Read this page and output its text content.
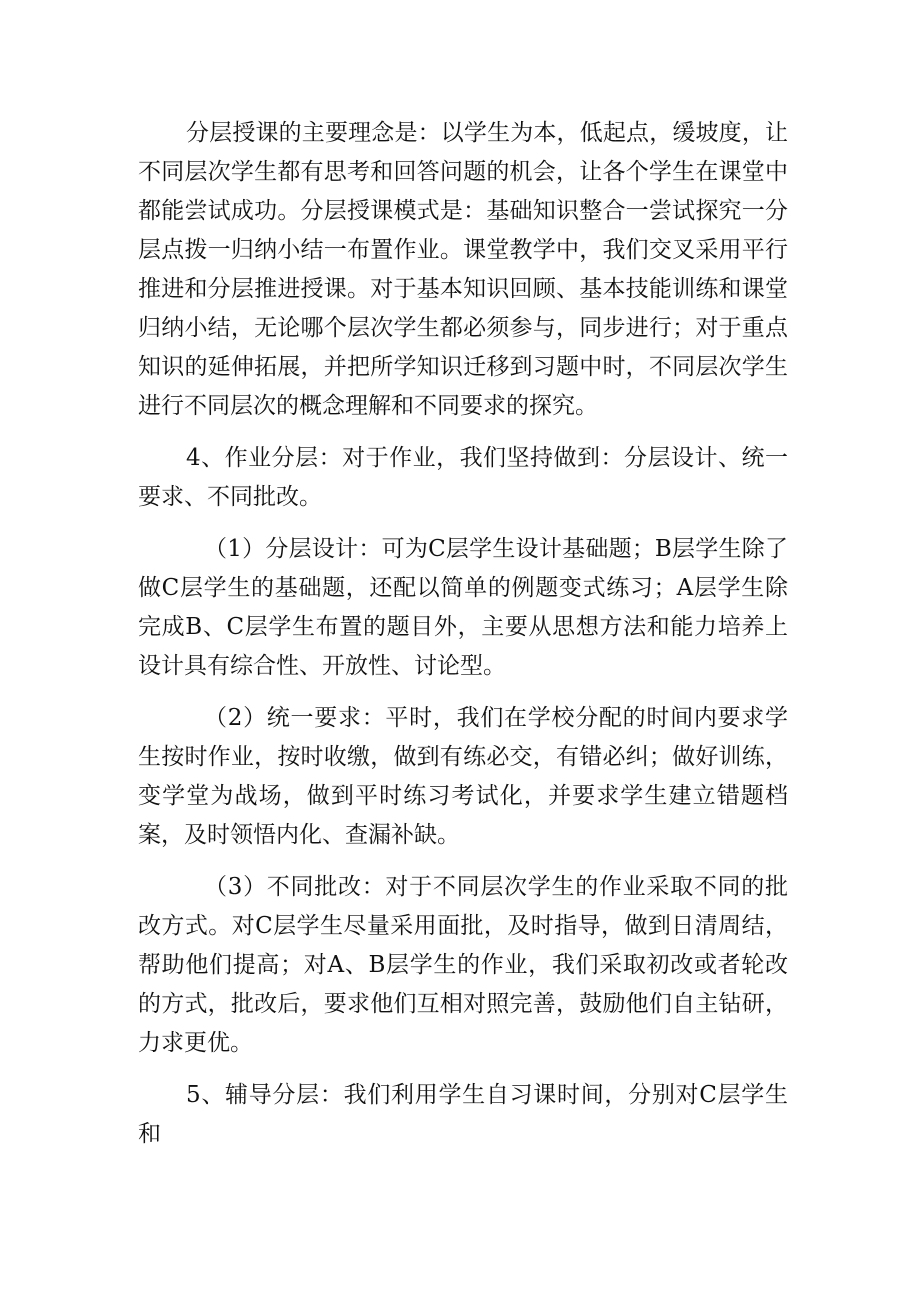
分层授课的主要理念是：以学生为本，低起点，缓坡度，让不同层次学生都有思考和回答问题的机会，让各个学生在课堂中都能尝试成功。分层授课模式是：基础知识整合一尝试探究一分层点拨一归纳小结一布置作业。课堂教学中，我们交叉采用平行推进和分层推进授课。对于基本知识回顾、基本技能训练和课堂归纳小结，无论哪个层次学生都必须参与，同步进行；对于重点知识的延伸拓展，并把所学知识迁移到习题中时，不同层次学生进行不同层次的概念理解和不同要求的探究。

4、作业分层：对于作业，我们坚持做到：分层设计、统一要求、不同批改。

（1）分层设计：可为C层学生设计基础题；B层学生除了做C层学生的基础题，还配以简单的例题变式练习；A层学生除完成B、C层学生布置的题目外，主要从思想方法和能力培养上设计具有综合性、开放性、讨论型。

（2）统一要求：平时，我们在学校分配的时间内要求学生按时作业，按时收缴，做到有练必交，有错必纠；做好训练，变学堂为战场，做到平时练习考试化，并要求学生建立错题档案，及时领悟内化、查漏补缺。

（3）不同批改：对于不同层次学生的作业采取不同的批改方式。对C层学生尽量采用面批，及时指导，做到日清周结，帮助他们提高；对A、B层学生的作业，我们采取初改或者轮改的方式，批改后，要求他们互相对照完善，鼓励他们自主钻研，力求更优。

5、辅导分层：我们利用学生自习课时间，分别对C层学生和
